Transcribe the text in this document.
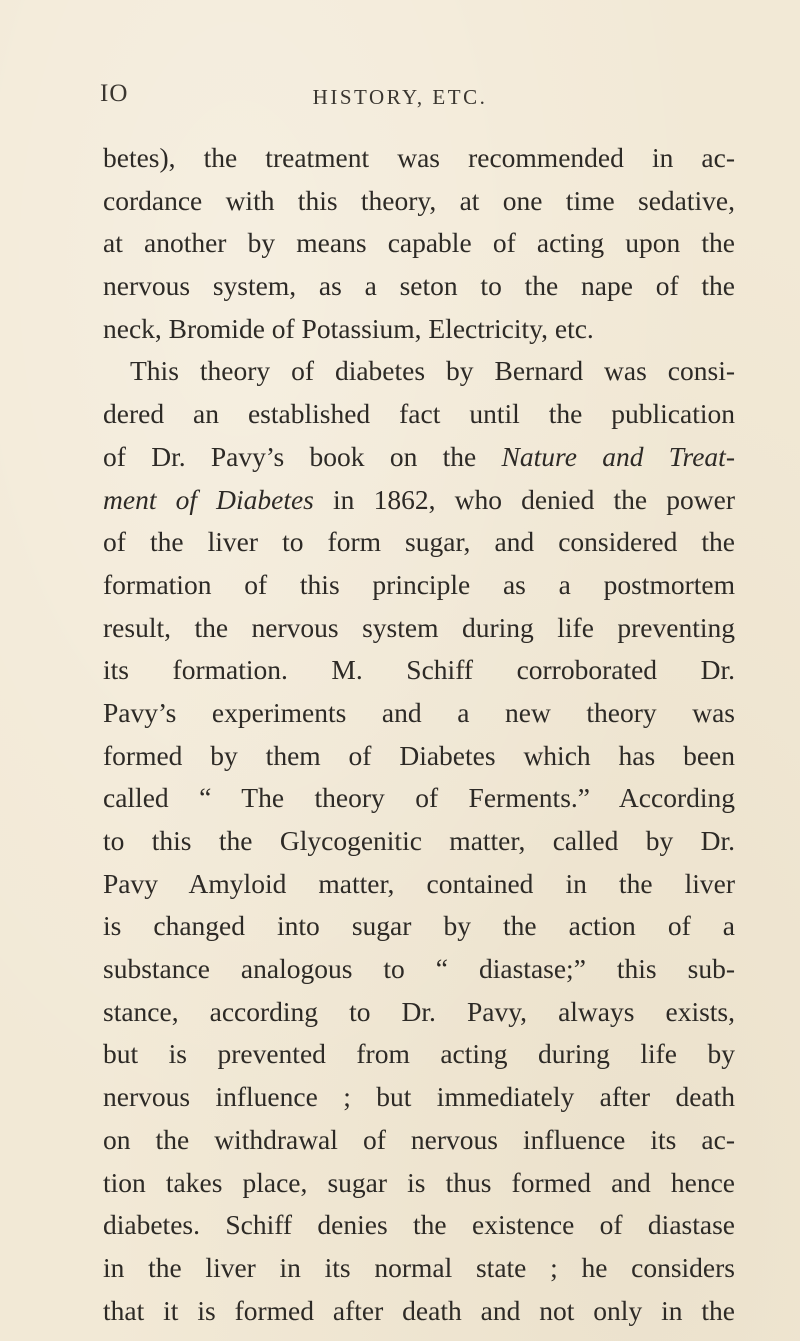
IO	HISTORY, ETC.
betes), the treatment was recommended in ac-
cordance with this theory, at one time sedative,
at another by means capable of acting upon the
nervous system, as a seton to the nape of the
neck, Bromide of Potassium, Electricity, etc.
This theory of diabetes by Bernard was consi-
dered an established fact until the publication
of Dr. Pavy’s book on the Nature and Treat-
ment of Diabetes in 1862, who denied the power
of the liver to form sugar, and considered the
formation of this principle as a postmortem
result, the nervous system during life preventing
its formation. M. Schiff corroborated Dr.
Pavy’s experiments and a new theory was
formed by them of Diabetes which has been
called “ The theory of Ferments.” According
to this the Glycogenitic matter, called by Dr.
Pavy Amyloid matter, contained in the liver
is changed into sugar by the action of a
substance analogous to “ diastase;” this sub-
stance, according to Dr. Pavy, always exists,
but is prevented from acting during life by
nervous influence ; but immediately after death
on the withdrawal of nervous influence its ac-
tion takes place, sugar is thus formed and hence
diabetes. Schiff denies the existence of diastase
in the liver in its normal state ; he considers
that it is formed after death and not only in the
